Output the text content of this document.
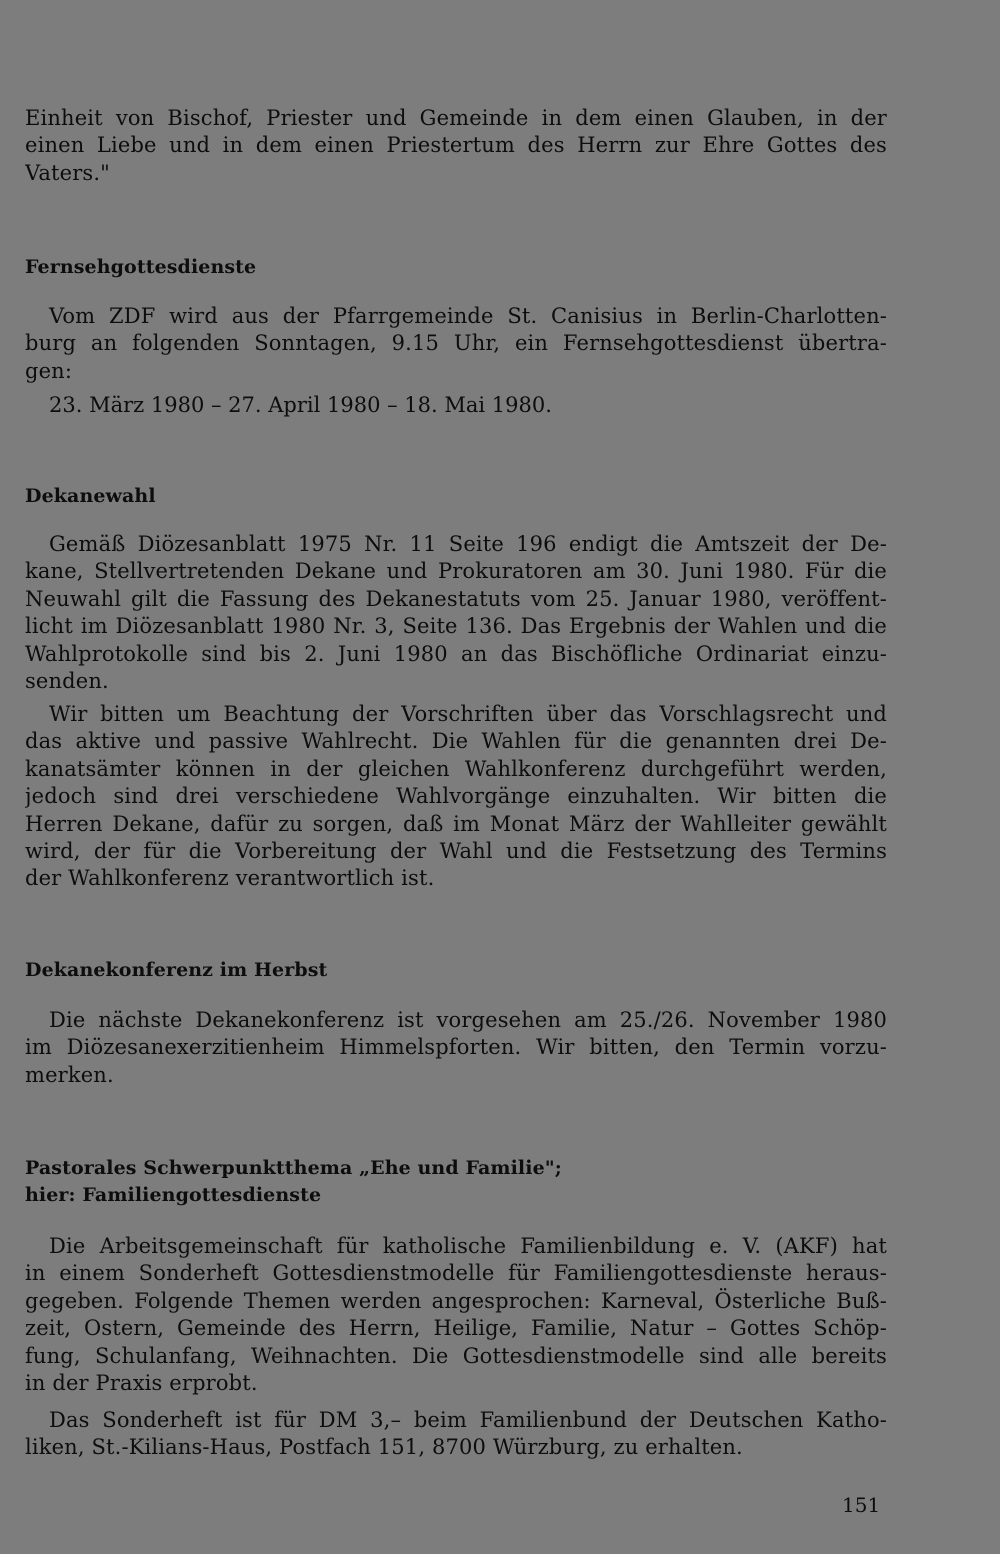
Einheit von Bischof, Priester und Gemeinde in dem einen Glauben, in der
einen Liebe und in dem einen Priestertum des Herrn zur Ehre Gottes des
Vaters."
Fernsehgottesdienste
Vom ZDF wird aus der Pfarrgemeinde St. Canisius in Berlin-Charlotten-
burg an folgenden Sonntagen, 9.15 Uhr, ein Fernsehgottesdienst übertra-
gen:

23. März 1980 – 27. April 1980 – 18. Mai 1980.

Dekanewahl
Gemäß Diözesanblatt 1975 Nr. 11 Seite 196 endigt die Amtszeit der De-
kane, Stellvertretenden Dekane und Prokuratoren am 30. Juni 1980. Für die
Neuwahl gilt die Fassung des Dekanestatuts vom 25. Januar 1980, veröffent-
licht im Diözesanblatt 1980 Nr. 3, Seite 136. Das Ergebnis der Wahlen und die
Wahlprotokolle sind bis 2. Juni 1980 an das Bischöfliche Ordinariat einzu-
senden.
Wir bitten um Beachtung der Vorschriften über das Vorschlagsrecht und
das aktive und passive Wahlrecht. Die Wahlen für die genannten drei De-
kanatsämter können in der gleichen Wahlkonferenz durchgeführt werden,
jedoch sind drei verschiedene Wahlvorgänge einzuhalten. Wir bitten die
Herren Dekane, dafür zu sorgen, daß im Monat März der Wahlleiter gewählt
wird, der für die Vorbereitung der Wahl und die Festsetzung des Termins
der Wahlkonferenz verantwortlich ist.
Dekanekonferenz im Herbst
Die nächste Dekanekonferenz ist vorgesehen am 25./26. November 1980
im Diözesanexerzitienheim Himmelspforten. Wir bitten, den Termin vorzu-
merken.
Pastorales Schwerpunktthema „Ehe und Familie";
hier: Familiengottesdienste
Die Arbeitsgemeinschaft für katholische Familienbildung e. V. (AKF) hat
in einem Sonderheft Gottesdienstmodelle für Familiengottesdienste heraus-
gegeben. Folgende Themen werden angesprochen: Karneval, Österliche Buß-
zeit, Ostern, Gemeinde des Herrn, Heilige, Familie, Natur – Gottes Schöp-
fung, Schulanfang, Weihnachten. Die Gottesdienstmodelle sind alle bereits
in der Praxis erprobt.
Das Sonderheft ist für DM 3,– beim Familienbund der Deutschen Katho-
liken, St.-Kilians-Haus, Postfach 151, 8700 Würzburg, zu erhalten.

151
